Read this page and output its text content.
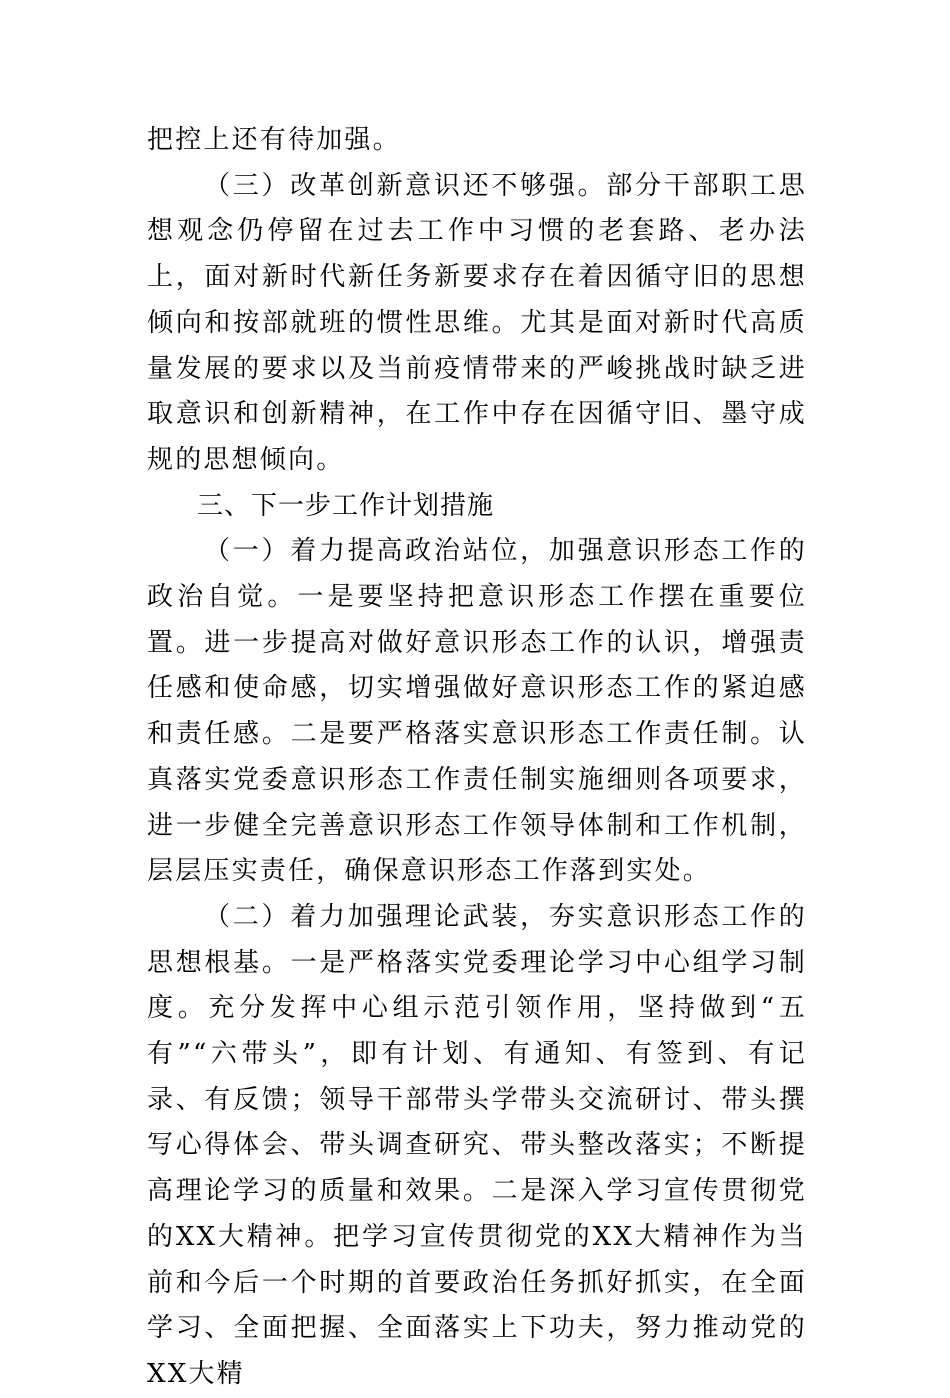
把控上还有待加强。

（三）改革创新意识还不够强。部分干部职工思想观念仍停留在过去工作中习惯的老套路、老办法上，面对新时代新任务新要求存在着因循守旧的思想倾向和按部就班的惯性思维。尤其是面对新时代高质量发展的要求以及当前疫情带来的严峻挑战时缺乏进取意识和创新精神，在工作中存在因循守旧、墨守成规的思想倾向。

三、下一步工作计划措施

（一）着力提高政治站位，加强意识形态工作的政治自觉。一是要坚持把意识形态工作摆在重要位置。进一步提高对做好意识形态工作的认识，增强责任感和使命感，切实增强做好意识形态工作的紧迫感和责任感。二是要严格落实意识形态工作责任制。认真落实党委意识形态工作责任制实施细则各项要求，进一步健全完善意识形态工作领导体制和工作机制，层层压实责任，确保意识形态工作落到实处。

（二）着力加强理论武装，夯实意识形态工作的思想根基。一是严格落实党委理论学习中心组学习制度。充分发挥中心组示范引领作用，坚持做到“五有”“六带头”，即有计划、有通知、有签到、有记录、有反馈；领导干部带头学带头交流研讨、带头撰写心得体会、带头调查研究、带头整改落实；不断提高理论学习的质量和效果。二是深入学习宣传贯彻党的XX大精神。把学习宣传贯彻党的XX大精神作为当前和今后一个时期的首要政治任务抓好抓实，在全面学习、全面把握、全面落实上下功夫，努力推动党的XX大精
